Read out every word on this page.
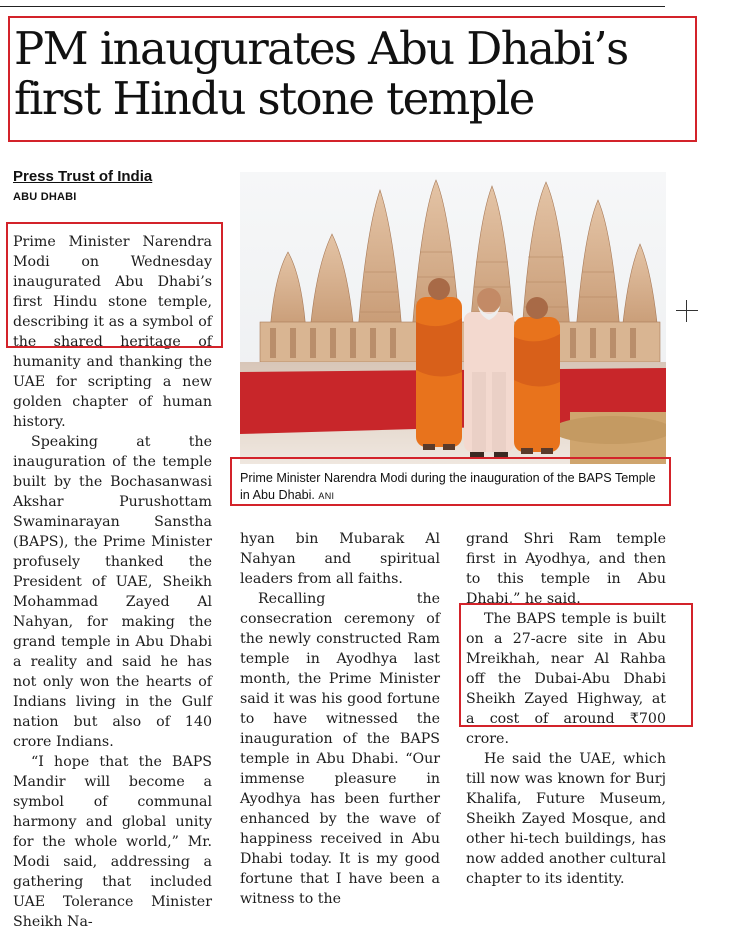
PM inaugurates Abu Dhabi’s first Hindu stone temple
Press Trust of India
ABU DHABI

Prime Minister Narendra Modi on Wednesday inaugurated Abu Dhabi’s first Hindu stone temple, describing it as a symbol of the shared heritage of humanity and thanking the UAE for scripting a new golden chapter of human history.

Speaking at the inauguration of the temple built by the Bochasanwasi Akshar Purushottam Swaminarayan Sanstha (BAPS), the Prime Minister profusely thanked the President of UAE, Sheikh Mohammad Zayed Al Nahyan, for making the grand temple in Abu Dhabi a reality and said he has not only won the hearts of Indians living in the Gulf nation but also of 140 crore Indians.

“I hope that the BAPS Mandir will become a symbol of communal harmony and global unity for the whole world,” Mr. Modi said, addressing a gathering that included UAE Tolerance Minister Sheikh Na-

Prime Minister Narendra Modi during the inauguration of the BAPS Temple in Abu Dhabi. ANI

hyan bin Mubarak Al Nahyan and spiritual leaders from all faiths.

Recalling the consecration ceremony of the newly constructed Ram temple in Ayodhya last month, the Prime Minister said it was his good fortune to have witnessed the inauguration of the BAPS temple in Abu Dhabi. “Our immense pleasure in Ayodhya has been further enhanced by the wave of happiness received in Abu Dhabi today. It is my good fortune that I have been a witness to the

grand Shri Ram temple first in Ayodhya, and then to this temple in Abu Dhabi,” he said.

The BAPS temple is built on a 27-acre site in Abu Mreikhah, near Al Rahba off the Dubai-Abu Dhabi Sheikh Zayed Highway, at a cost of around ₹700 crore.

He said the UAE, which till now was known for Burj Khalifa, Future Museum, Sheikh Zayed Mosque, and other hi-tech buildings, has now added another cultural chapter to its identity.
